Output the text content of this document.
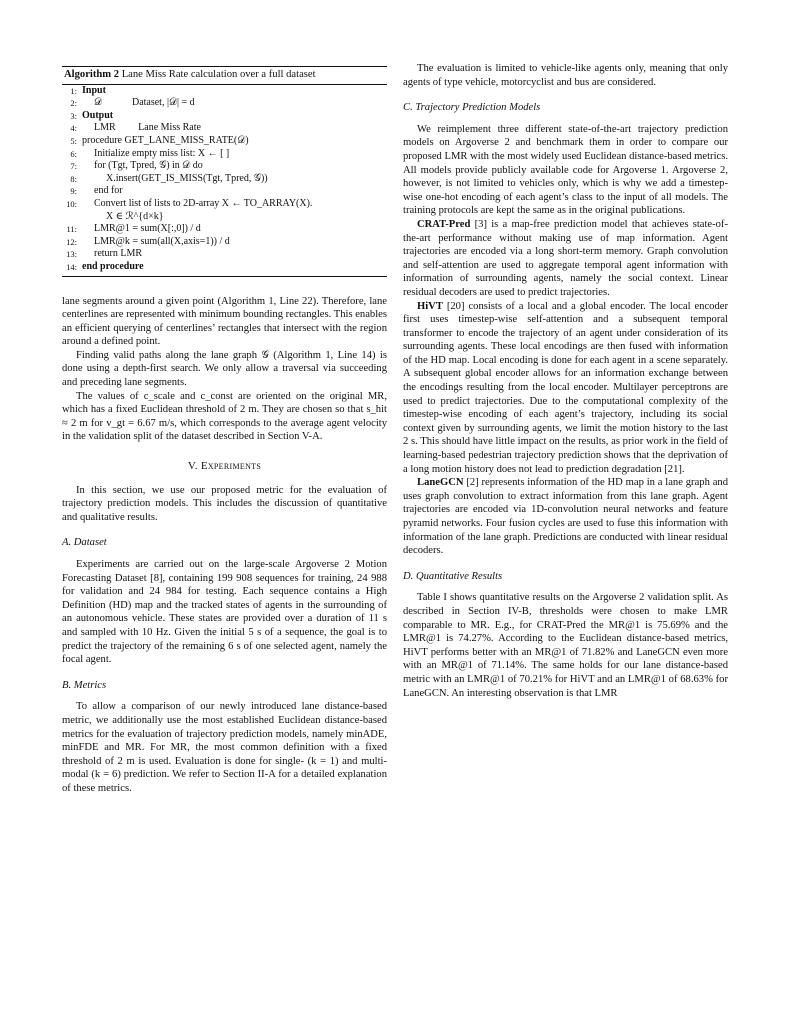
Algorithm 2 Lane Miss Rate calculation over a full dataset
1: Input
2: 𝒟            Dataset, |𝒟| = d
3: Output
4: LMR         Lane Miss Rate
5: procedure GET_LANE_MISS_RATE(𝒟)
6: Initialize empty miss list: X ← [ ]
7: for (Tgt, Tpred, 𝒢) in 𝒟 do
8:	X.insert(GET_IS_MISS(Tgt, Tpred, 𝒢))
9: end for
10: Convert list of lists to 2D-array X ← TO_ARRAY(X).
X ∈ ℛ^{d×k}
11: LMR@1 = sum(X[:,0]) / d
12: LMR@k = sum(all(X,axis=1)) / d
13: return LMR
14: end procedure

lane segments around a given point (Algorithm 1, Line 22). Therefore, lane centerlines are represented with minimum bounding rectangles. This enables an efficient querying of centerlines’ rectangles that intersect with the region around a defined point.

Finding valid paths along the lane graph 𝒢 (Algorithm 1, Line 14) is done using a depth-first search. We only allow a traversal via succeeding and preceding lane segments.

The values of c_scale and c_const are oriented on the original MR, which has a fixed Euclidean threshold of 2 m. They are chosen so that s_hit ≈ 2 m for v_gt = 6.67 m/s, which corresponds to the average agent velocity in the validation split of the dataset described in Section V-A.

V. Experiments

In this section, we use our proposed metric for the evaluation of trajectory prediction models. This includes the discussion of quantitative and qualitative results.

A. Dataset

Experiments are carried out on the large-scale Argoverse 2 Motion Forecasting Dataset [8], containing 199 908 sequences for training, 24 988 for validation and 24 984 for testing. Each sequence contains a High Definition (HD) map and the tracked states of agents in the surrounding of an autonomous vehicle. These states are provided over a duration of 11 s and sampled with 10 Hz. Given the initial 5 s of a sequence, the goal is to predict the trajectory of the remaining 6 s of one selected agent, namely the focal agent.

B. Metrics

To allow a comparison of our newly introduced lane distance-based metric, we additionally use the most established Euclidean distance-based metrics for the evaluation of trajectory prediction models, namely minADE, minFDE and MR. For MR, the most common definition with a fixed threshold of 2 m is used. Evaluation is done for single- (k = 1) and multi-modal (k = 6) prediction. We refer to Section II-A for a detailed explanation of these metrics.

The evaluation is limited to vehicle-like agents only, meaning that only agents of type vehicle, motorcyclist and bus are considered.

C. Trajectory Prediction Models

We reimplement three different state-of-the-art trajectory prediction models on Argoverse 2 and benchmark them in order to compare our proposed LMR with the most widely used Euclidean distance-based metrics. All models provide publicly available code for Argoverse 1. Argoverse 2, however, is not limited to vehicles only, which is why we add a timestep-wise one-hot encoding of each agent’s class to the input of all models. The training protocols are kept the same as in the original publications.

CRAT-Pred [3] is a map-free prediction model that achieves state-of-the-art performance without making use of map information. Agent trajectories are encoded via a long short-term memory. Graph convolution and self-attention are used to aggregate temporal agent information with information of surrounding agents, namely the social context. Linear residual decoders are used to predict trajectories.

HiVT [20] consists of a local and a global encoder. The local encoder first uses timestep-wise self-attention and a subsequent temporal transformer to encode the trajectory of an agent under consideration of its surrounding agents. These local encodings are then fused with information of the HD map. Local encoding is done for each agent in a scene separately. A subsequent global encoder allows for an information exchange between the encodings resulting from the local encoder. Multilayer perceptrons are used to predict trajectories. Due to the computational complexity of the timestep-wise encoding of each agent’s trajectory, including its social context given by surrounding agents, we limit the motion history to the last 2 s. This should have little impact on the results, as prior work in the field of learning-based pedestrian trajectory prediction shows that the deprivation of a long motion history does not lead to prediction degradation [21].

LaneGCN [2] represents information of the HD map in a lane graph and uses graph convolution to extract information from this lane graph. Agent trajectories are encoded via 1D-convolution neural networks and feature pyramid networks. Four fusion cycles are used to fuse this information with information of the lane graph. Predictions are conducted with linear residual decoders.

D. Quantitative Results

Table I shows quantitative results on the Argoverse 2 validation split. As described in Section IV-B, thresholds were chosen to make LMR comparable to MR. E.g., for CRAT-Pred the MR@1 is 75.69% and the LMR@1 is 74.27%. According to the Euclidean distance-based metrics, HiVT performs better with an MR@1 of 71.82% and LaneGCN even more with an MR@1 of 71.14%. The same holds for our lane distance-based metric with an LMR@1 of 70.21% for HiVT and an LMR@1 of 68.63% for LaneGCN. An interesting observation is that LMR
